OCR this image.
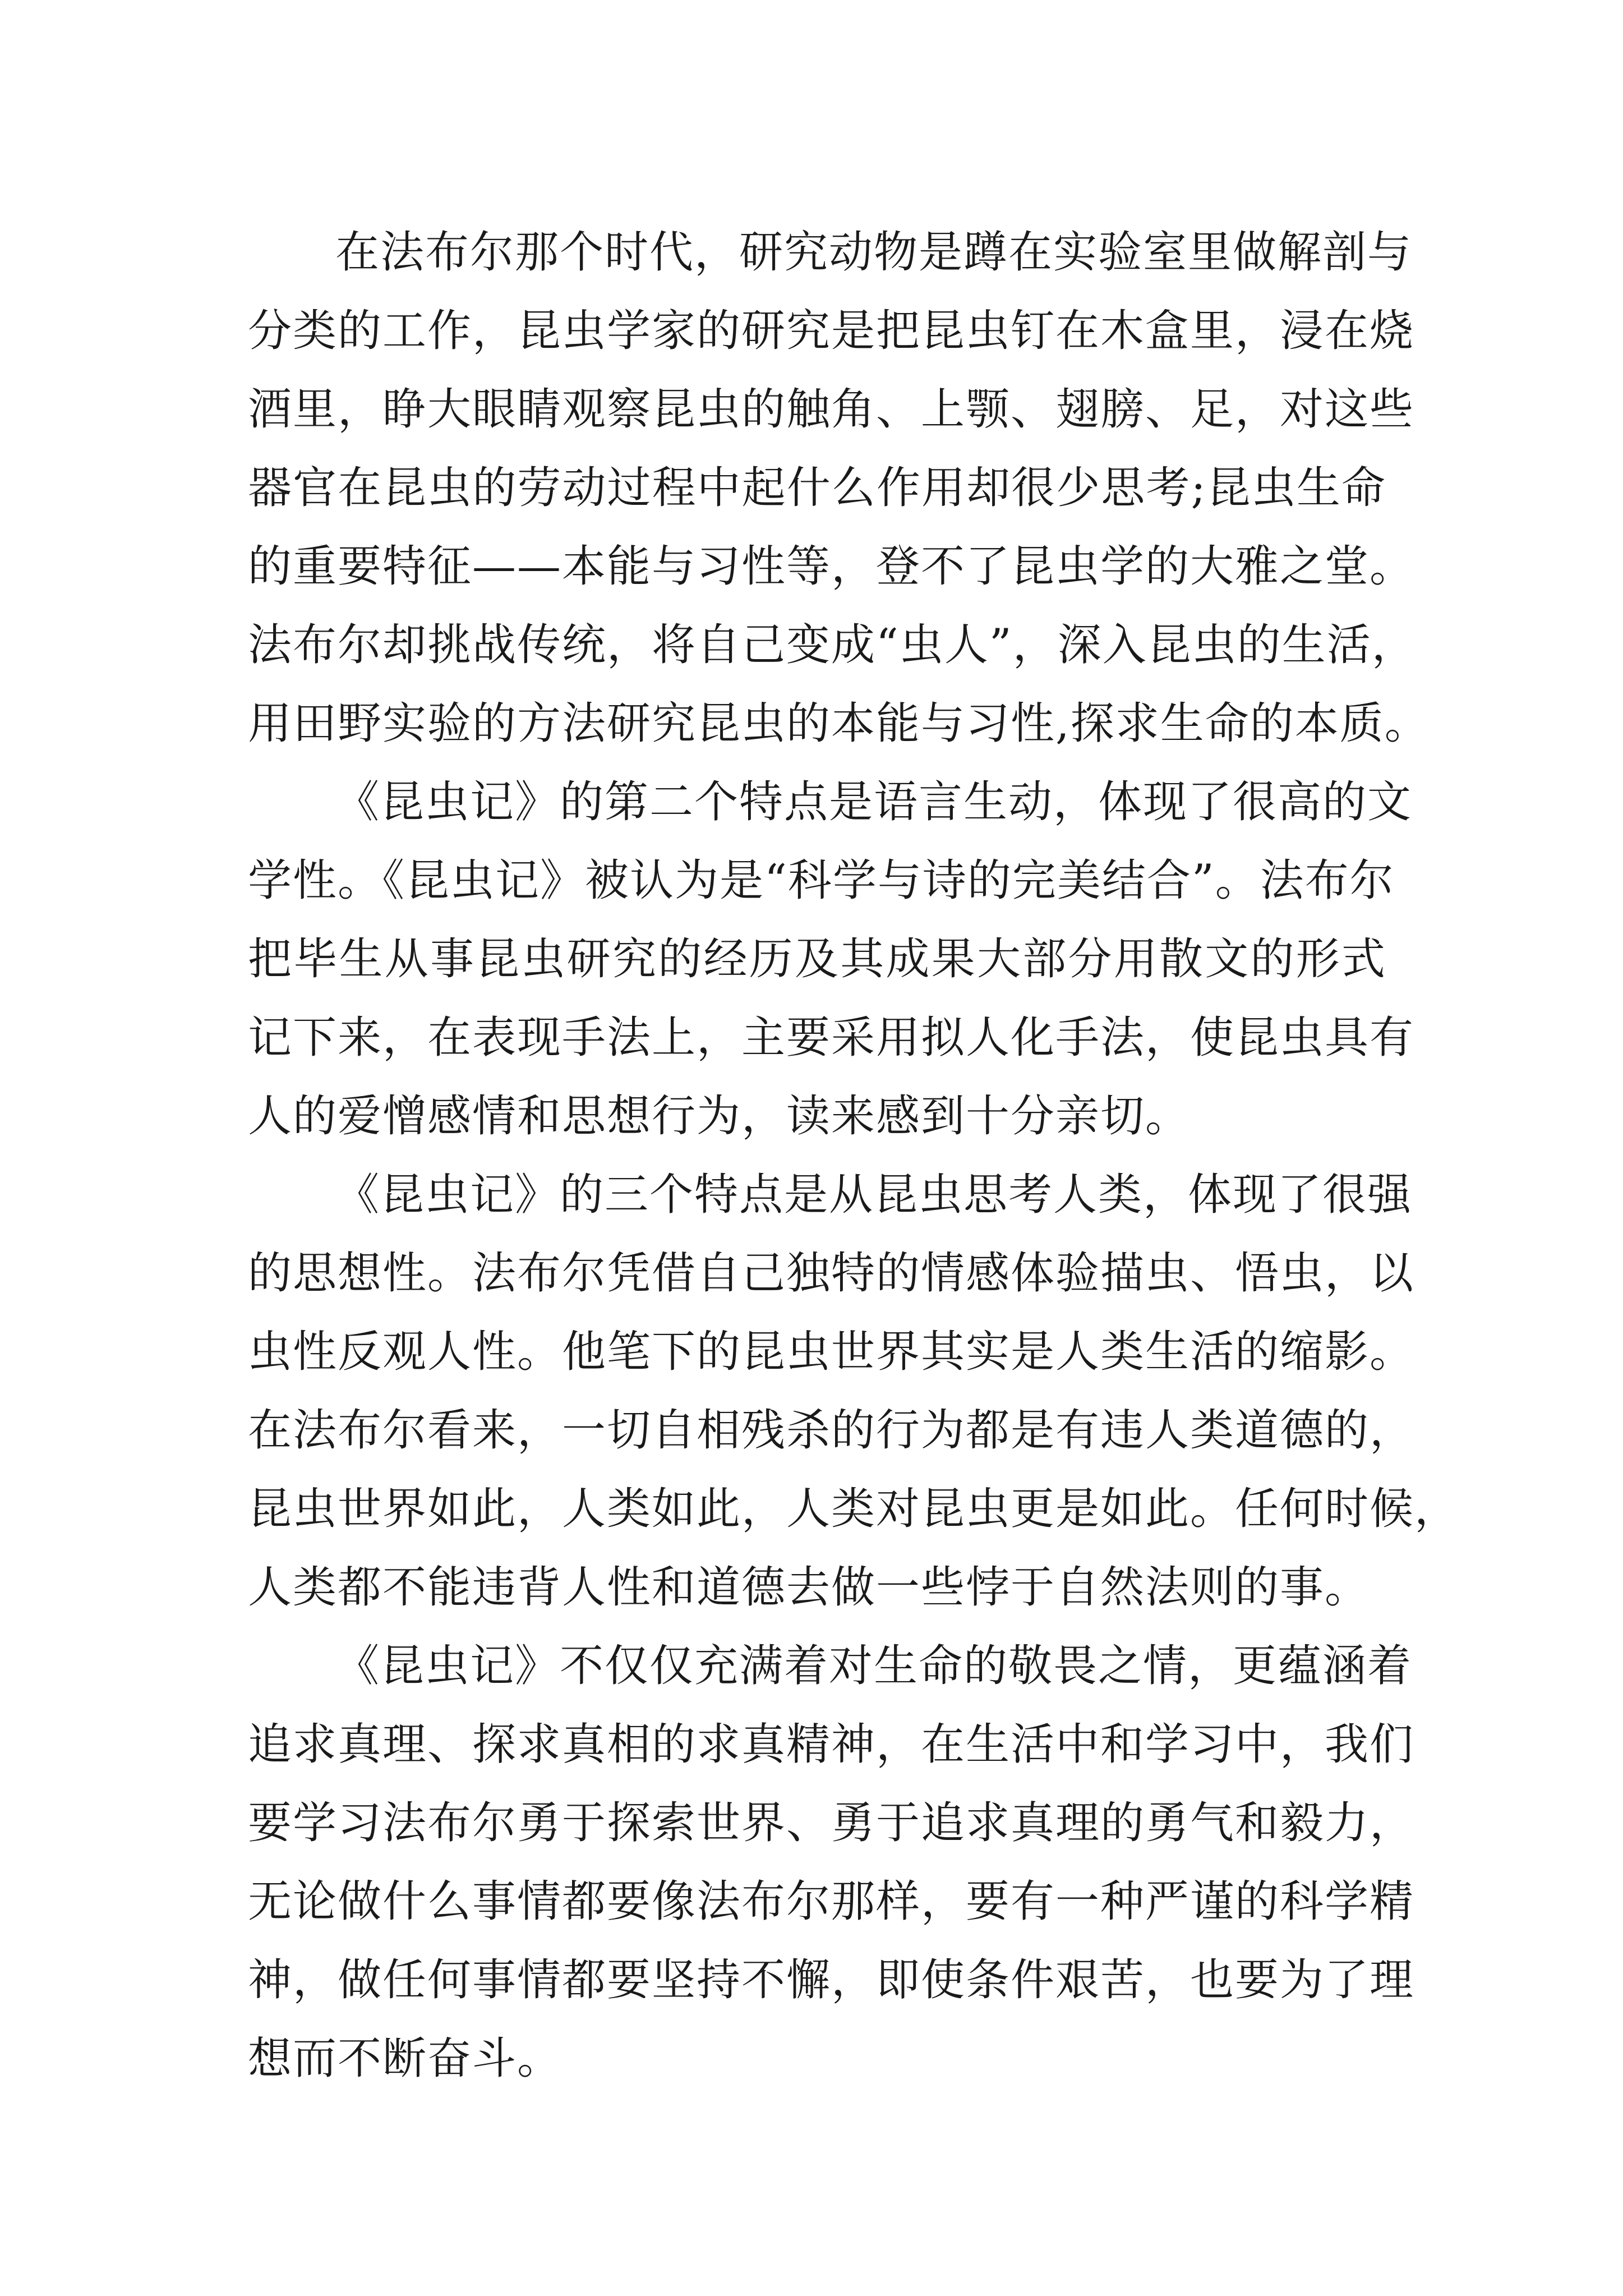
在法布尔那个时代，研究动物是蹲在实验室里做解剖与
分类的工作，昆虫学家的研究是把昆虫钉在木盒里，浸在烧
酒里，睁大眼睛观察昆虫的触角、上颚、翅膀、足，对这些
器官在昆虫的劳动过程中起什么作用却很少思考;昆虫生命
的重要特征——本能与习性等，登不了昆虫学的大雅之堂。
法布尔却挑战传统，将自己变成“虫人”，深入昆虫的生活，
用田野实验的方法研究昆虫的本能与习性,探求生命的本质。
《昆虫记》的第二个特点是语言生动，体现了很高的文
学性。《昆虫记》被认为是“科学与诗的完美结合”。法布尔
把毕生从事昆虫研究的经历及其成果大部分用散文的形式
记下来，在表现手法上，主要采用拟人化手法，使昆虫具有
人的爱憎感情和思想行为，读来感到十分亲切。
《昆虫记》的三个特点是从昆虫思考人类，体现了很强
的思想性。法布尔凭借自己独特的情感体验描虫、悟虫，以
虫性反观人性。他笔下的昆虫世界其实是人类生活的缩影。
在法布尔看来，一切自相残杀的行为都是有违人类道德的，
昆虫世界如此，人类如此，人类对昆虫更是如此。任何时候，
人类都不能违背人性和道德去做一些悖于自然法则的事。
《昆虫记》不仅仅充满着对生命的敬畏之情，更蕴涵着
追求真理、探求真相的求真精神，在生活中和学习中，我们
要学习法布尔勇于探索世界、勇于追求真理的勇气和毅力，
无论做什么事情都要像法布尔那样，要有一种严谨的科学精
神，做任何事情都要坚持不懈，即使条件艰苦，也要为了理
想而不断奋斗。
